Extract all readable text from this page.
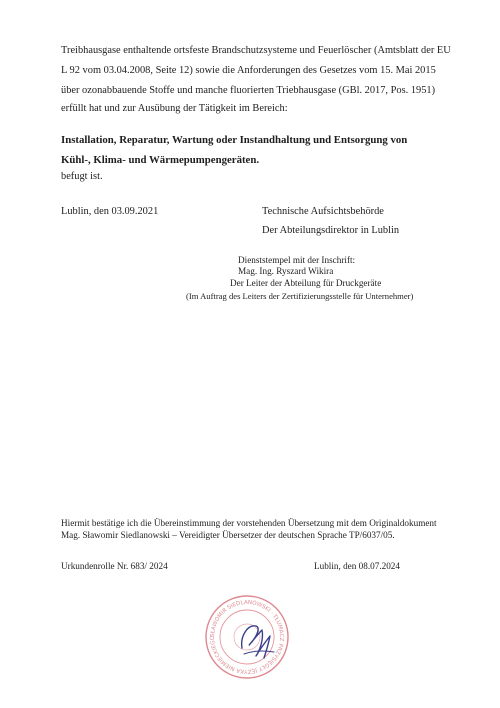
Treibhausgase enthaltende ortsfeste Brandschutzsysteme und Feuerlöscher (Amtsblatt der EU
L 92 vom 03.04.2008, Seite 12) sowie die Anforderungen des Gesetzes vom 15. Mai 2015
über ozonabbauende Stoffe und manche fluorierten Triebhausgase (GBl. 2017, Pos. 1951)
erfüllt hat und zur Ausübung der Tätigkeit im Bereich:
Installation, Reparatur, Wartung oder Instandhaltung und Entsorgung von
Kühl-, Klima- und Wärmepumpengeräten.
befugt ist.
Lublin, den 03.09.2021	Technische Aufsichtsbehörde
Der Abteilungsdirektor in Lublin
Dienststempel mit der Inschrift:
Mag. Ing. Ryszard Wikira
Der Leiter der Abteilung für Druckgeräte
(Im Auftrag des Leiters der Zertifizierungsstelle für Unternehmer)
Hiermit bestätige ich die Übereinstimmung der vorstehenden Übersetzung mit dem Originaldokument
Mag. Sławomir Siedlanowski – Vereidigter Übersetzer der deutschen Sprache TP/6037/05.
Urkundenrolle Nr. 683/ 2024	Lublin, den 08.07.2024
SŁAWOMIR SIEDLANOWSKI · TŁUMACZ PRZYSIĘGŁY JĘZYKA NIEMIECKIEGO
